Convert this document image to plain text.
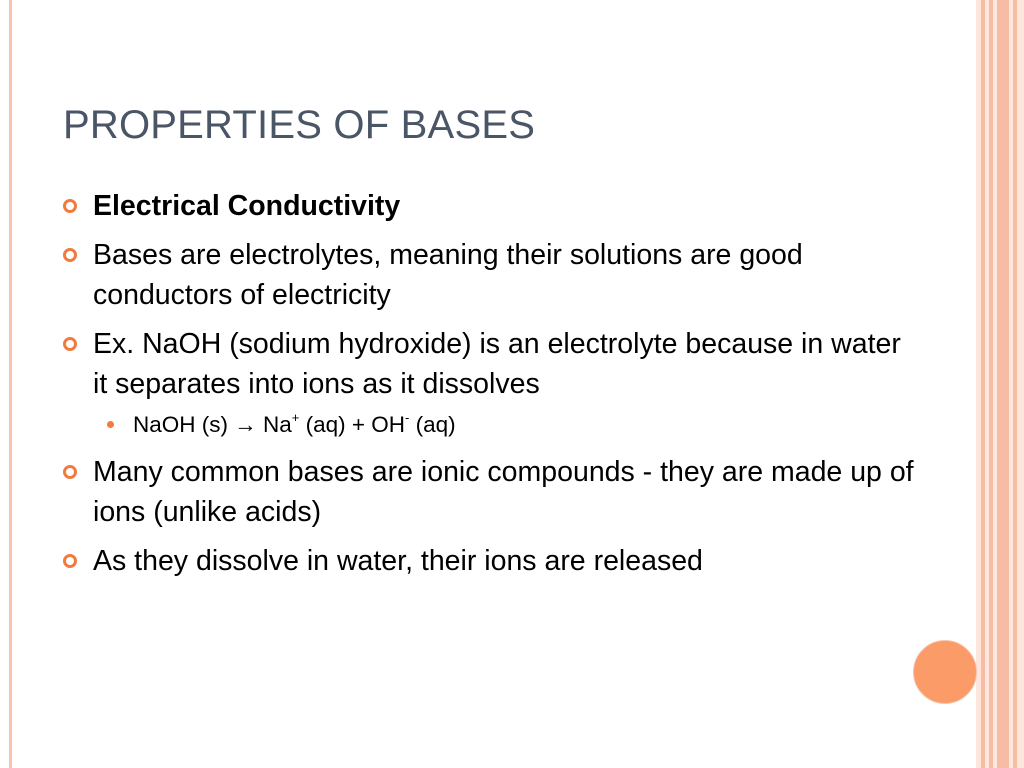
PROPERTIES OF BASES
Electrical Conductivity
Bases are electrolytes, meaning their solutions are good conductors of electricity
Ex. NaOH (sodium hydroxide) is an electrolyte because in water it separates into ions as it dissolves
NaOH (s) → Na+ (aq) + OH- (aq)
Many common bases are ionic compounds - they are made up of ions (unlike acids)
As they dissolve in water, their ions are released
